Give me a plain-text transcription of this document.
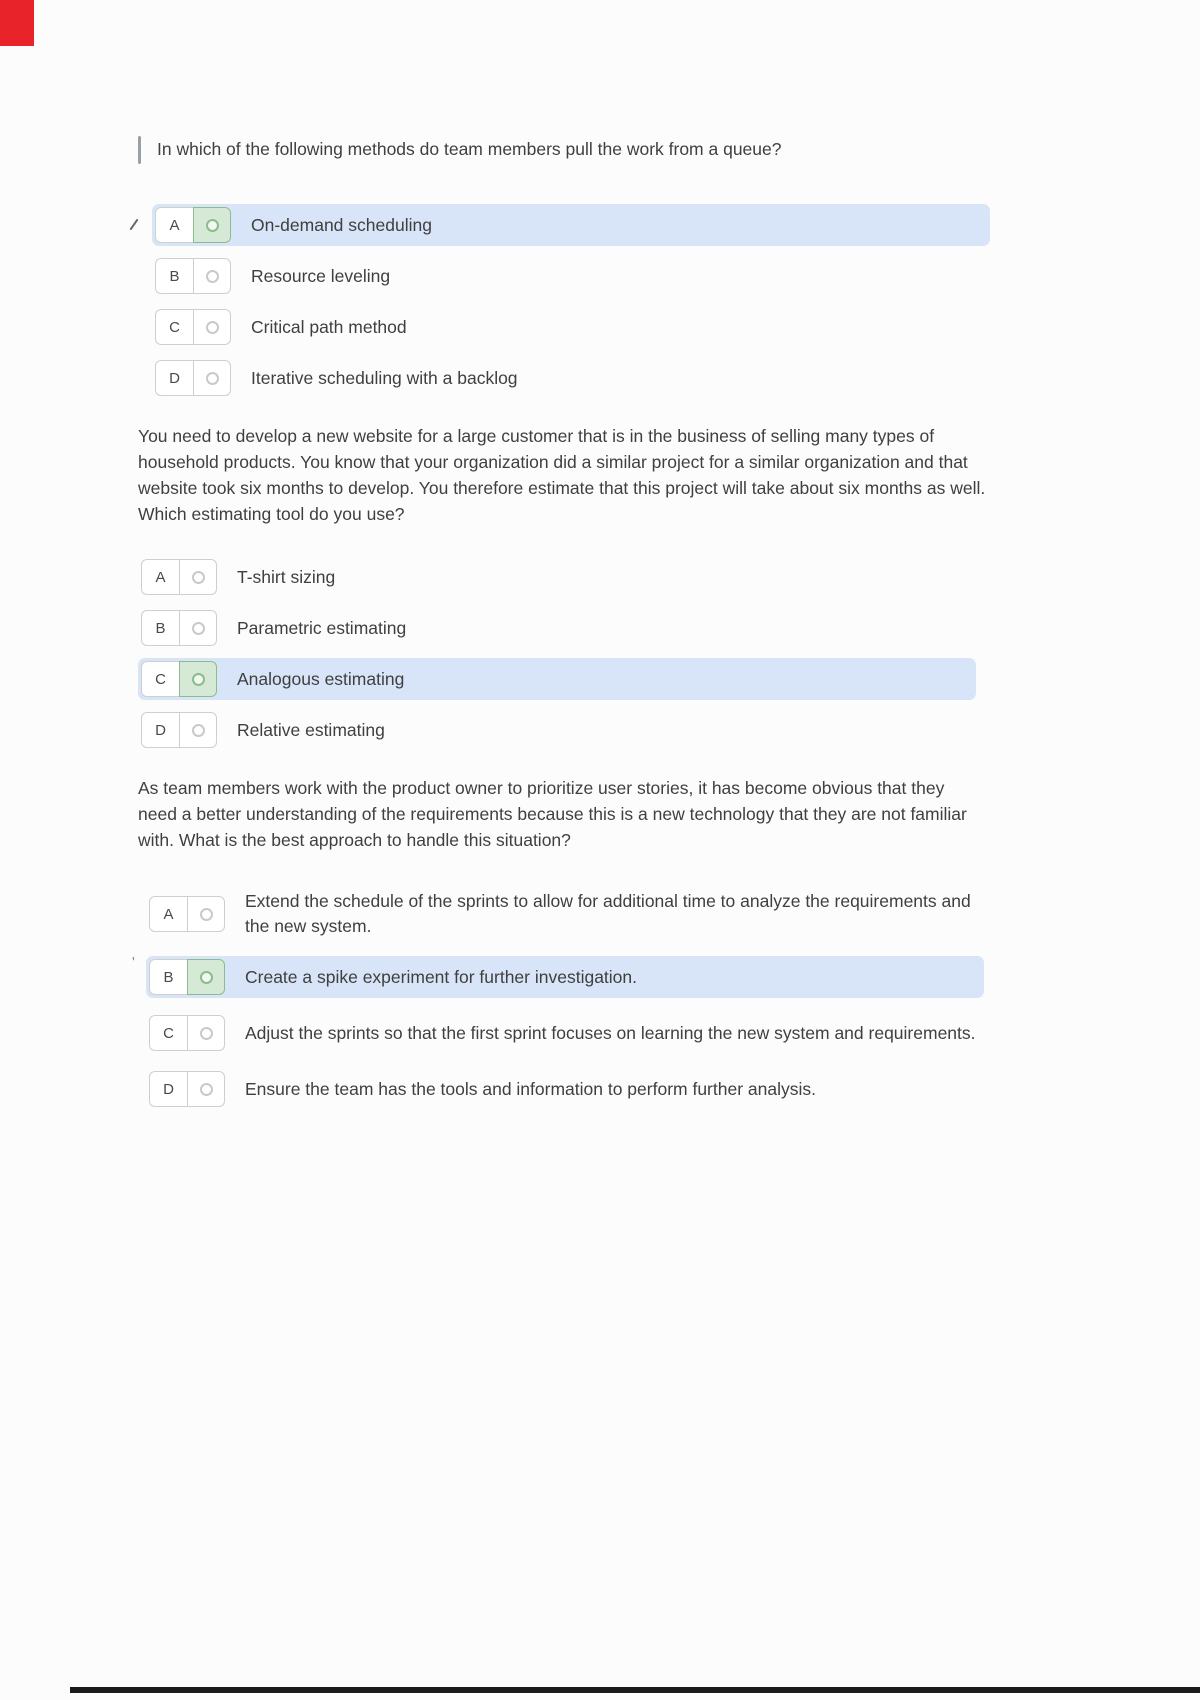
In which of the following methods do team members pull the work from a queue?
A	On-demand scheduling
B	Resource leveling
C	Critical path method
D	Iterative scheduling with a backlog

You need to develop a new website for a large customer that is in the business of selling many types of household products. You know that your organization did a similar project for a similar organization and that website took six months to develop. You therefore estimate that this project will take about six months as well. Which estimating tool do you use?

A	T-shirt sizing
B	Parametric estimating
C	Analogous estimating
D	Relative estimating

As team members work with the product owner to prioritize user stories, it has become obvious that they need a better understanding of the requirements because this is a new technology that they are not familiar with. What is the best approach to handle this situation?

A
Extend the schedule of the sprints to allow for additional time to analyze the requirements and the new system.
'
B	Create a spike experiment for further investigation.
C	Adjust the sprints so that the first sprint focuses on learning the new system and requirements.
D	Ensure the team has the tools and information to perform further analysis.
